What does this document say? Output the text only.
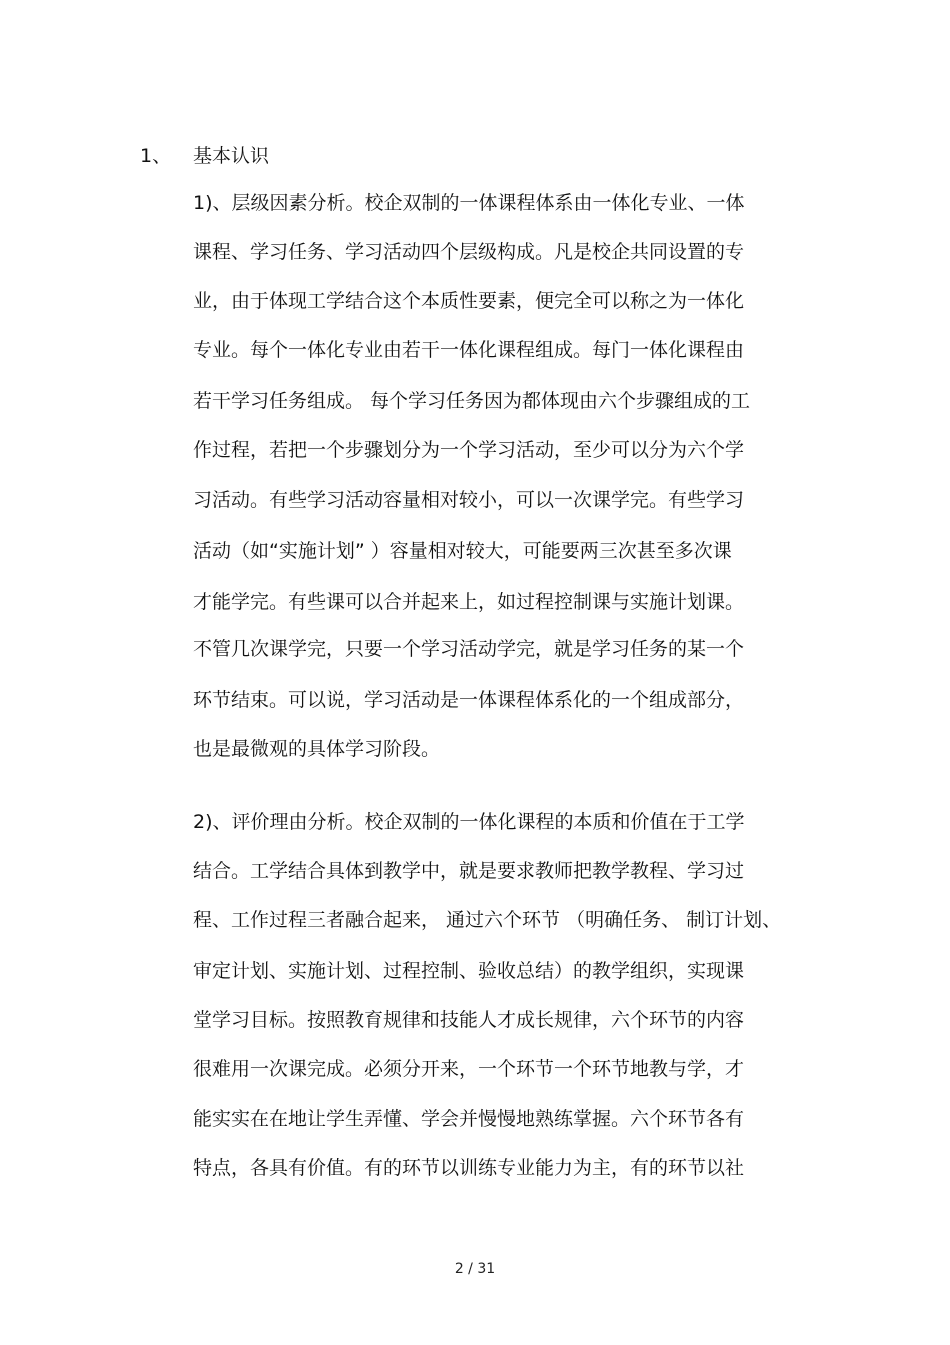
1、 基本认识
1)、层级因素分析。校企双制的一体课程体系由一体化专业、一体
课程、学习任务、学习活动四个层级构成。凡是校企共同设置的专
业，由于体现工学结合这个本质性要素，便完全可以称之为一体化
专业。每个一体化专业由若干一体化课程组成。每门一体化课程由
若干学习任务组成。 每个学习任务因为都体现由六个步骤组成的工
作过程，若把一个步骤划分为一个学习活动，至少可以分为六个学
习活动。有些学习活动容量相对较小，可以一次课学完。有些学习
活动（如“实施计划” ）容量相对较大，可能要两三次甚至多次课
才能学完。有些课可以合并起来上，如过程控制课与实施计划课。
不管几次课学完，只要一个学习活动学完，就是学习任务的某一个
环节结束。可以说，学习活动是一体课程体系化的一个组成部分，
也是最微观的具体学习阶段。
2)、评价理由分析。校企双制的一体化课程的本质和价值在于工学
结合。工学结合具体到教学中，就是要求教师把教学教程、学习过
程、工作过程三者融合起来， 通过六个环节 （明确任务、 制订计划、
审定计划、实施计划、过程控制、验收总结）的教学组织，实现课
堂学习目标。按照教育规律和技能人才成长规律，六个环节的内容
很难用一次课完成。必须分开来，一个环节一个环节地教与学，才
能实实在在地让学生弄懂、学会并慢慢地熟练掌握。六个环节各有
特点，各具有价值。有的环节以训练专业能力为主，有的环节以社
2 / 31
